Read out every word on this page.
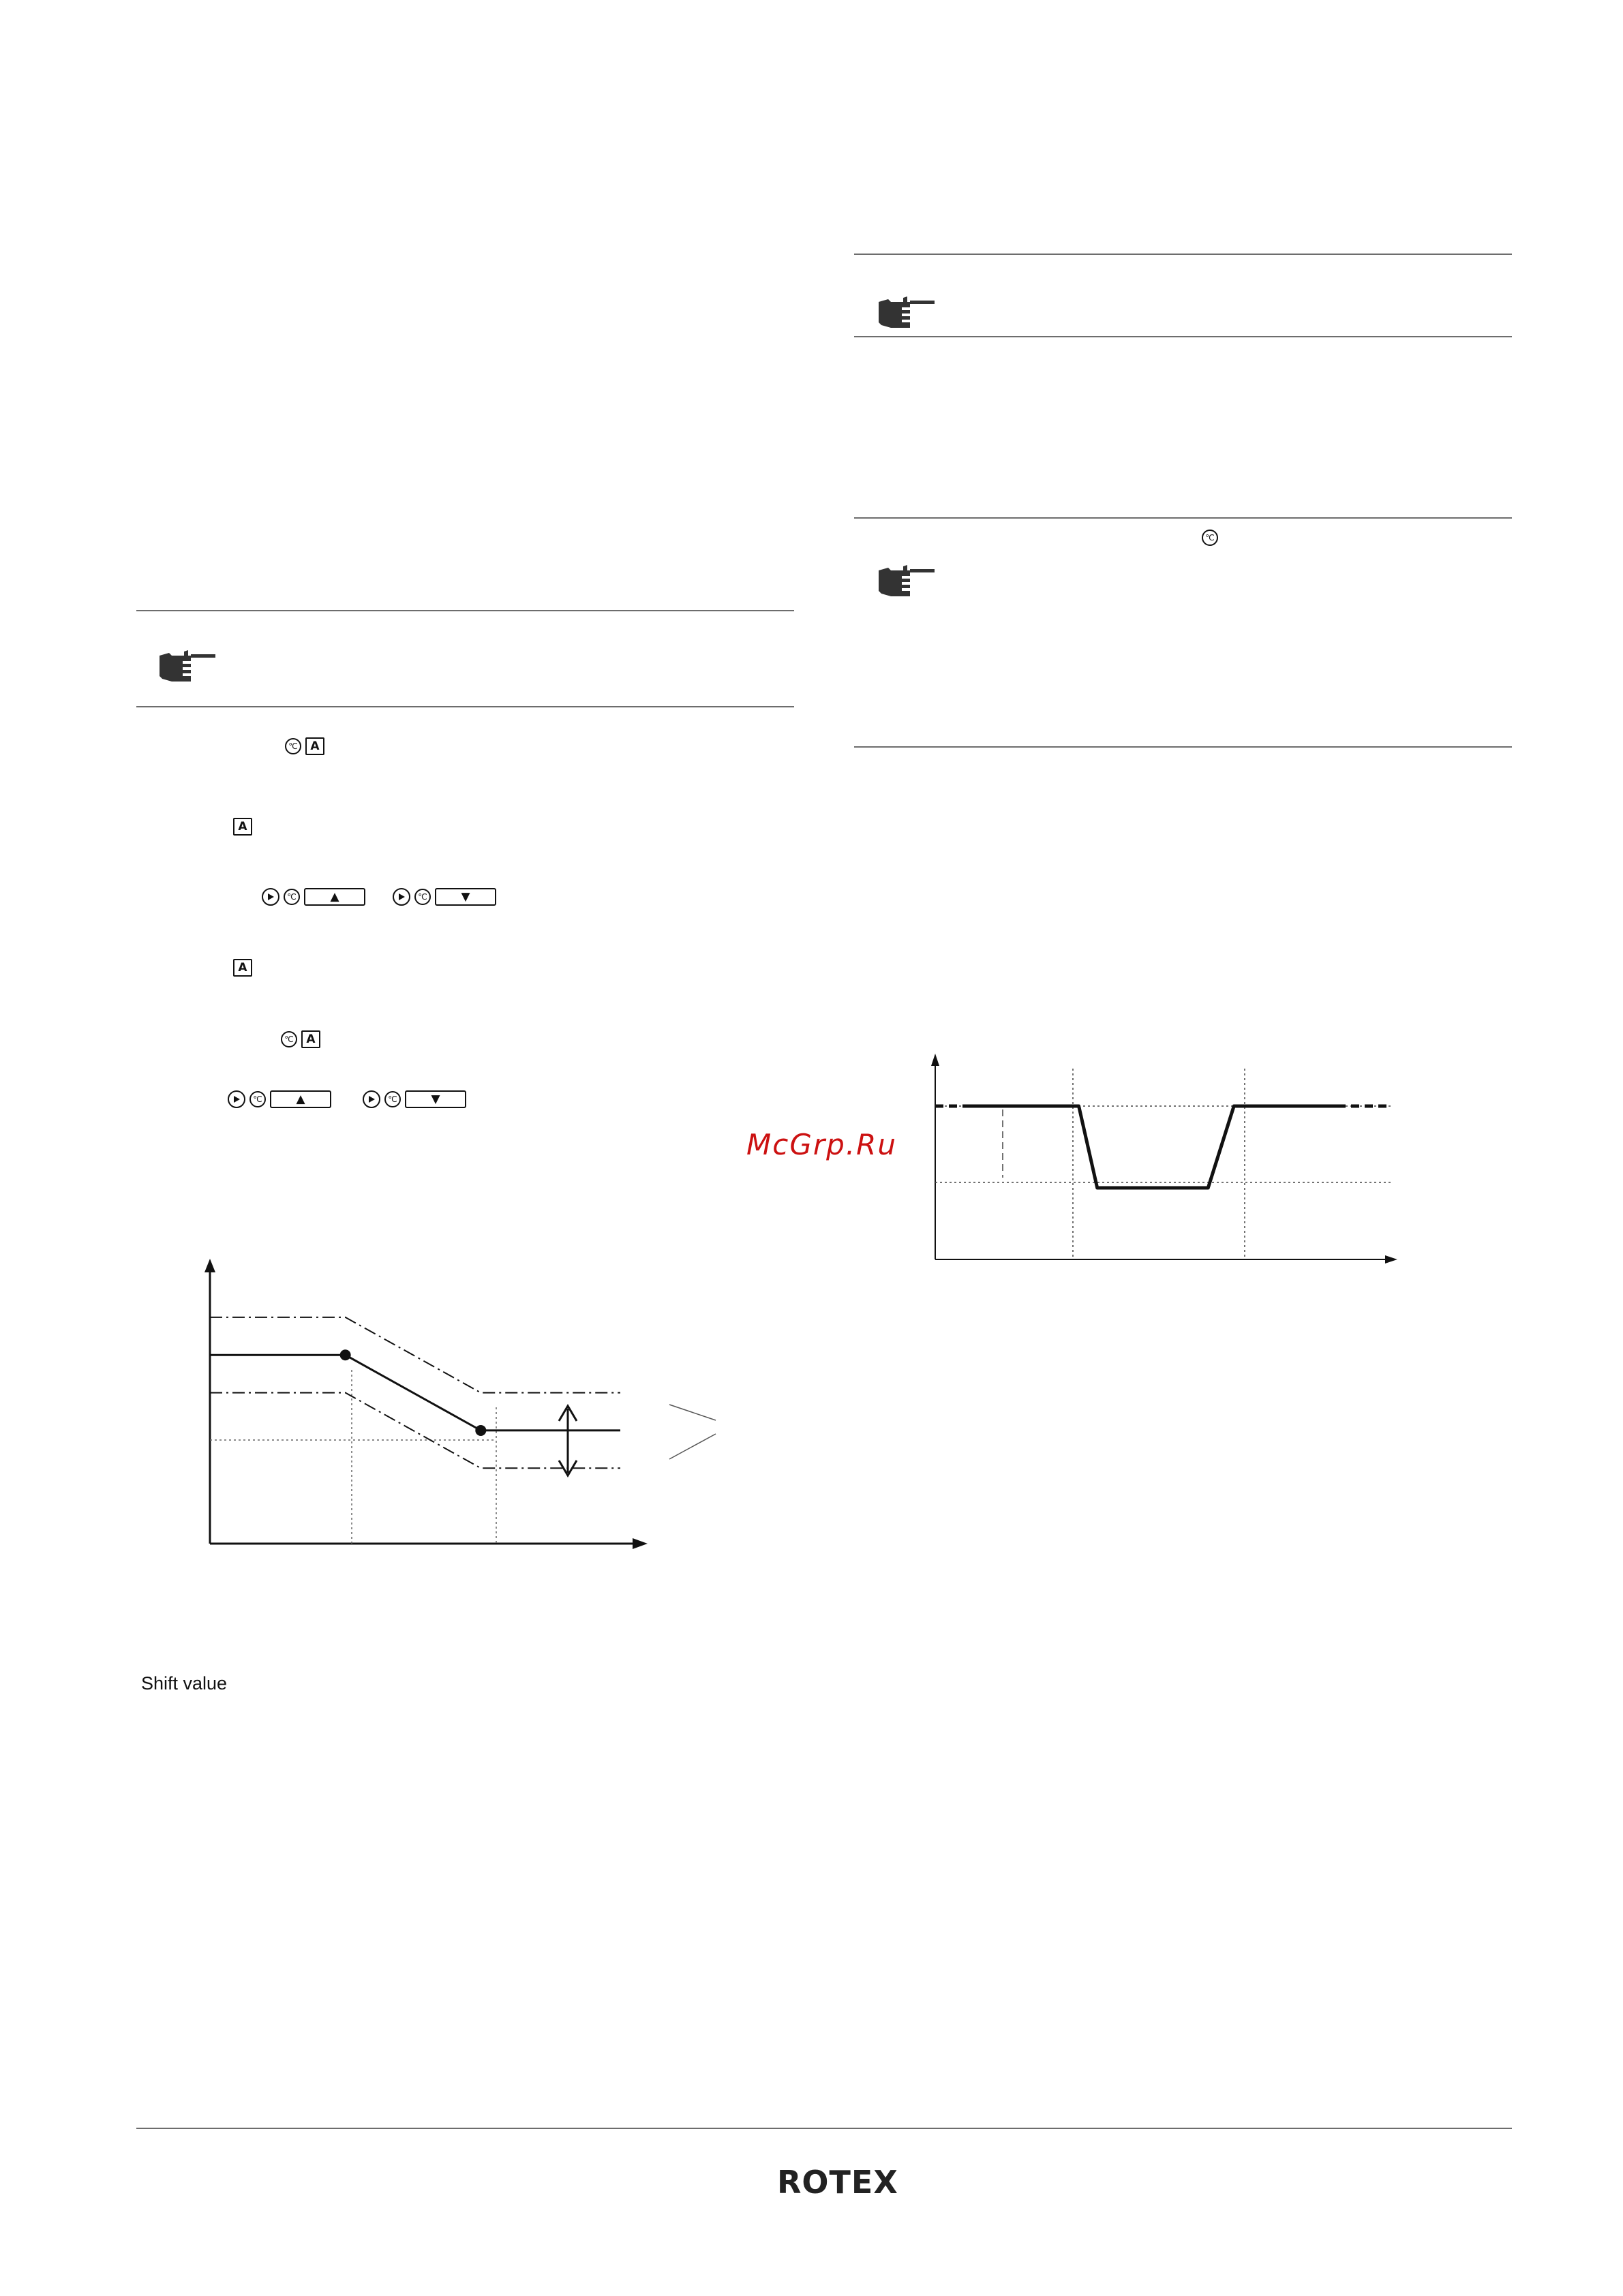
℃	A
A
℃	▲	℃	▼
A
℃	A
℃	▲	℃	▼
℃
McGrp.Ru
Shift value
ROTEX
